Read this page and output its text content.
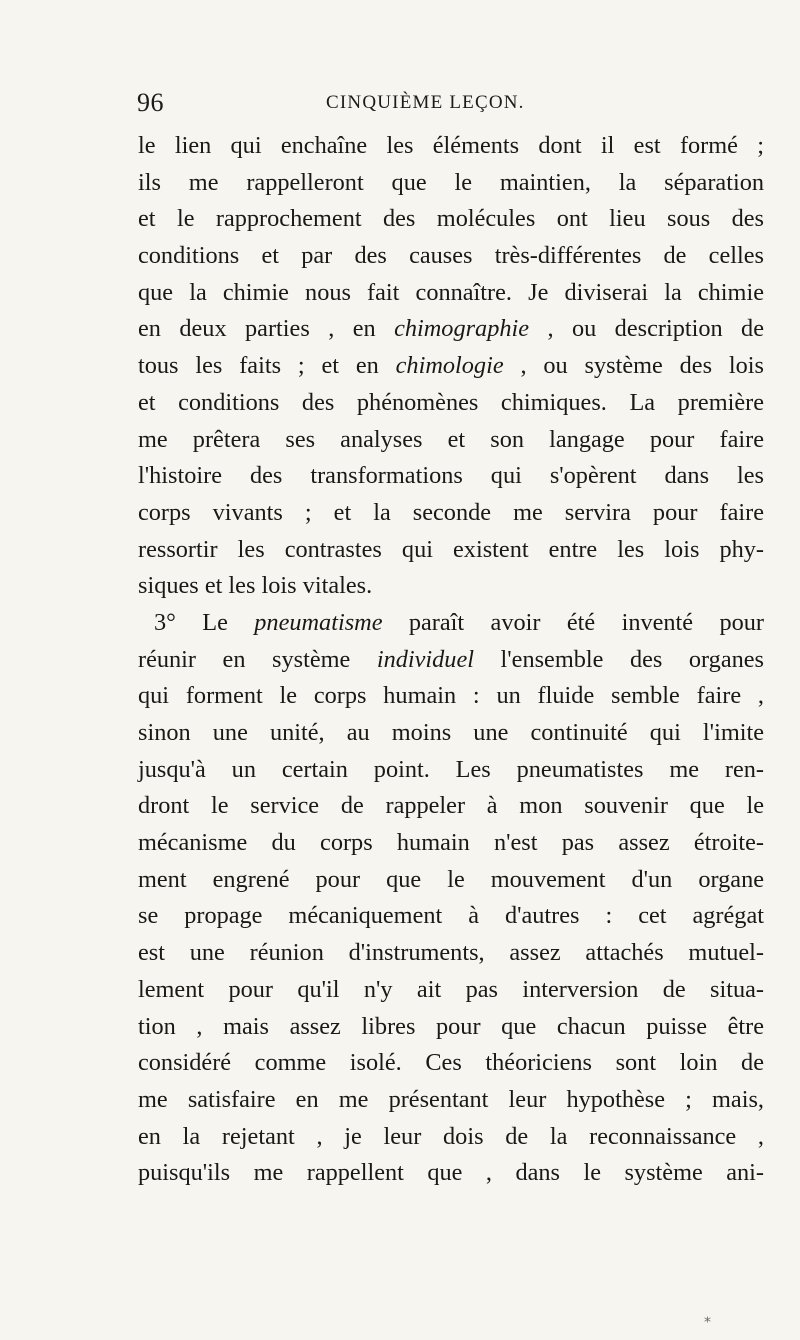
96	CINQUIÈME LEÇON.
le lien qui enchaîne les éléments dont il est formé ;
ils me rappelleront que le maintien, la séparation
et le rapprochement des molécules ont lieu sous des
conditions et par des causes très-différentes de celles
que la chimie nous fait connaître. Je diviserai la chimie
en deux parties , en chimographie , ou description de
tous les faits ; et en chimologie , ou système des lois
et conditions des phénomènes chimiques. La première
me prêtera ses analyses et son langage pour faire
l'histoire des transformations qui s'opèrent dans les
corps vivants ; et la seconde me servira pour faire
ressortir les contrastes qui existent entre les lois phy-
siques et les lois vitales.
3° Le pneumatisme paraît avoir été inventé pour
réunir en système individuel l'ensemble des organes
qui forment le corps humain : un fluide semble faire ,
sinon une unité, au moins une continuité qui l'imite
jusqu'à un certain point. Les pneumatistes me ren-
dront le service de rappeler à mon souvenir que le
mécanisme du corps humain n'est pas assez étroite-
ment engrené pour que le mouvement d'un organe
se propage mécaniquement à d'autres : cet agrégat
est une réunion d'instruments, assez attachés mutuel-
lement pour qu'il n'y ait pas interversion de situa-
tion , mais assez libres pour que chacun puisse être
considéré comme isolé. Ces théoriciens sont loin de
me satisfaire en me présentant leur hypothèse ; mais,
en la rejetant , je leur dois de la reconnaissance ,
puisqu'ils me rappellent que , dans le système ani-
⁎
